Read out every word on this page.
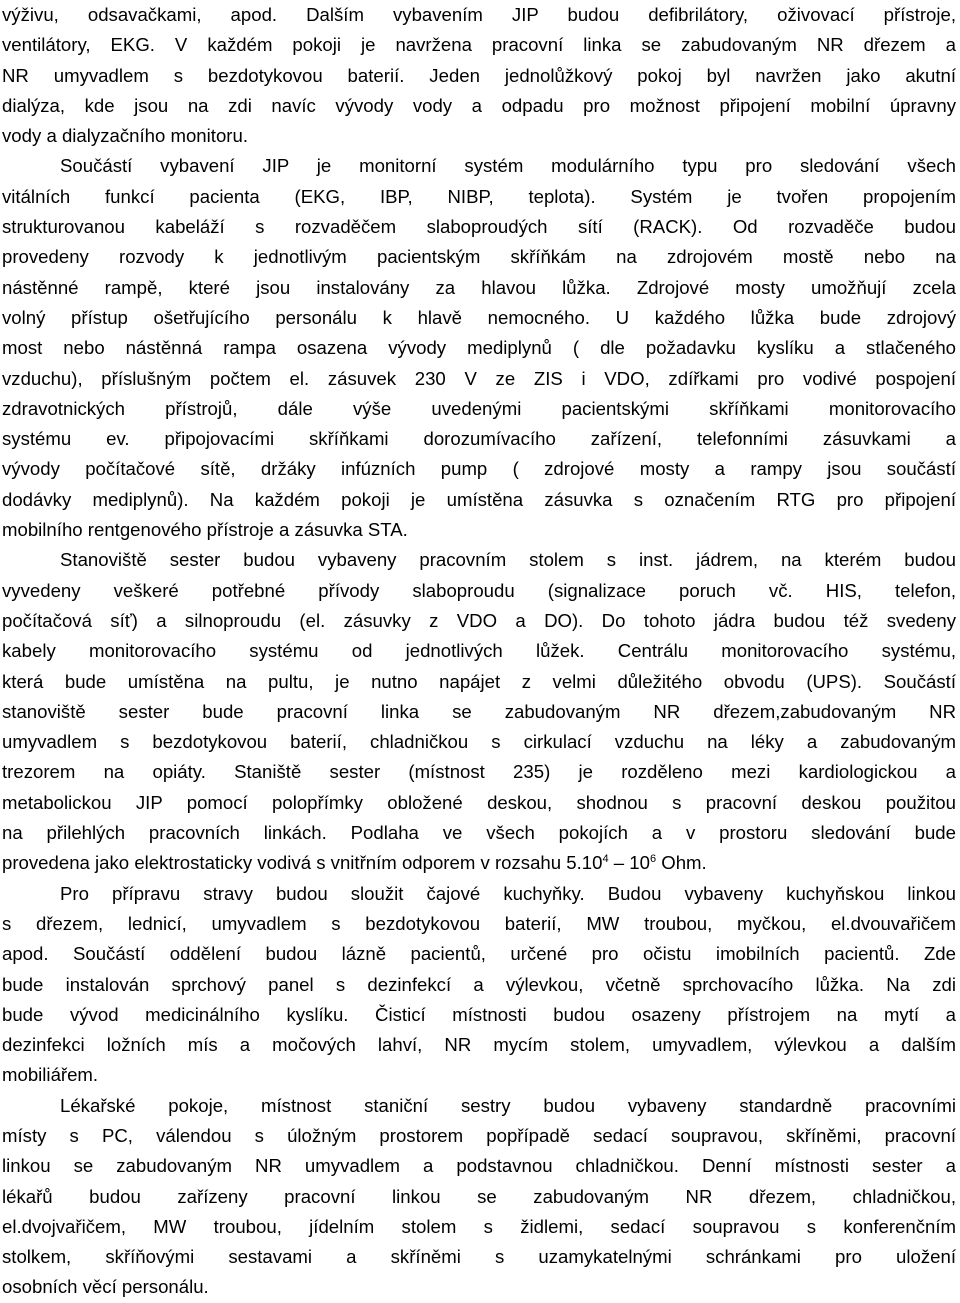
výživu, odsavačkami, apod. Dalším vybavením JIP budou defibrilátory, oživovací přístroje,
ventilátory, EKG. V každém pokoji je navržena pracovní linka se zabudovaným NR dřezem a
NR umyvadlem s bezdotykovou baterií. Jeden jednolůžkový pokoj byl navržen jako akutní
dialýza, kde jsou na zdi navíc vývody vody a odpadu pro možnost připojení mobilní úpravny
vody a dialyzačního monitoru.
Součástí vybavení JIP je monitorní systém modulárního typu pro sledování všech
vitálních funkcí pacienta (EKG, IBP, NIBP, teplota). Systém je tvořen propojením
strukturovanou kabeláží s rozvaděčem slaboproudých sítí (RACK). Od rozvaděče budou
provedeny rozvody k jednotlivým pacientským skříňkám na zdrojovém mostě nebo na
nástěnné rampě, které jsou instalovány za hlavou lůžka. Zdrojové mosty umožňují zcela
volný přístup ošetřujícího personálu k hlavě nemocného. U každého lůžka bude zdrojový
most nebo nástěnná rampa osazena vývody mediplynů ( dle požadavku kyslíku a stlačeného
vzduchu), příslušným počtem el. zásuvek 230 V ze ZIS i VDO, zdířkami pro vodivé pospojení
zdravotnických přístrojů, dále výše uvedenými pacientskými skříňkami monitorovacího
systému ev. připojovacími skříňkami dorozumívacího zařízení, telefonními zásuvkami a
vývody počítačové sítě, držáky infúzních pump ( zdrojové mosty a rampy jsou součástí
dodávky mediplynů). Na každém pokoji je umístěna zásuvka s označením RTG pro připojení
mobilního rentgenového přístroje a zásuvka STA.
Stanoviště sester budou vybaveny pracovním stolem s inst. jádrem, na kterém budou
vyvedeny veškeré potřebné přívody slaboproudu (signalizace poruch vč. HIS, telefon,
počítačová síť) a silnoproudu (el. zásuvky z VDO a DO). Do tohoto jádra budou též svedeny
kabely monitorovacího systému od jednotlivých lůžek. Centrálu monitorovacího systému,
která bude umístěna na pultu, je nutno napájet z velmi důležitého obvodu (UPS). Součástí
stanoviště sester bude pracovní linka se zabudovaným NR dřezem,zabudovaným NR
umyvadlem s bezdotykovou baterií, chladničkou s cirkulací vzduchu na léky a zabudovaným
trezorem na opiáty. Staniště sester (místnost 235) je rozděleno mezi kardiologickou a
metabolickou JIP pomocí polopřímky obložené deskou, shodnou s pracovní deskou použitou
na přilehlých pracovních linkách. Podlaha ve všech pokojích a v prostoru sledování bude
provedena jako elektrostaticky vodivá s vnitřním odporem v rozsahu $5.10^4 - 10^6$ Ohm.
Pro přípravu stravy budou sloužit čajové kuchyňky. Budou vybaveny kuchyňskou linkou
s dřezem, lednicí, umyvadlem s bezdotykovou baterií, MW troubou, myčkou, el.dvouvařičem
apod. Součástí oddělení budou lázně pacientů, určené pro očistu imobilních pacientů. Zde
bude instalován sprchový panel s dezinfekcí a výlevkou, včetně sprchovacího lůžka. Na zdi
bude vývod medicinálního kyslíku. Čisticí místnosti budou osazeny přístrojem na mytí a
dezinfekci ložních mís a močových lahví, NR mycím stolem, umyvadlem, výlevkou a dalším
mobiliářem.
Lékařské pokoje, místnost staniční sestry budou vybaveny standardně pracovními
místy s PC, válendou s úložným prostorem popřípadě sedací soupravou, skříněmi, pracovní
linkou se zabudovaným NR umyvadlem a podstavnou chladničkou. Denní místnosti sester a
lékařů budou zařízeny pracovní linkou se zabudovaným NR dřezem, chladničkou,
el.dvojvařičem, MW troubou, jídelním stolem s židlemi, sedací soupravou s konferenčním
stolkem, skříňovými sestavami a skříněmi s uzamykatelnými schránkami pro uložení
osobních věcí personálu.
